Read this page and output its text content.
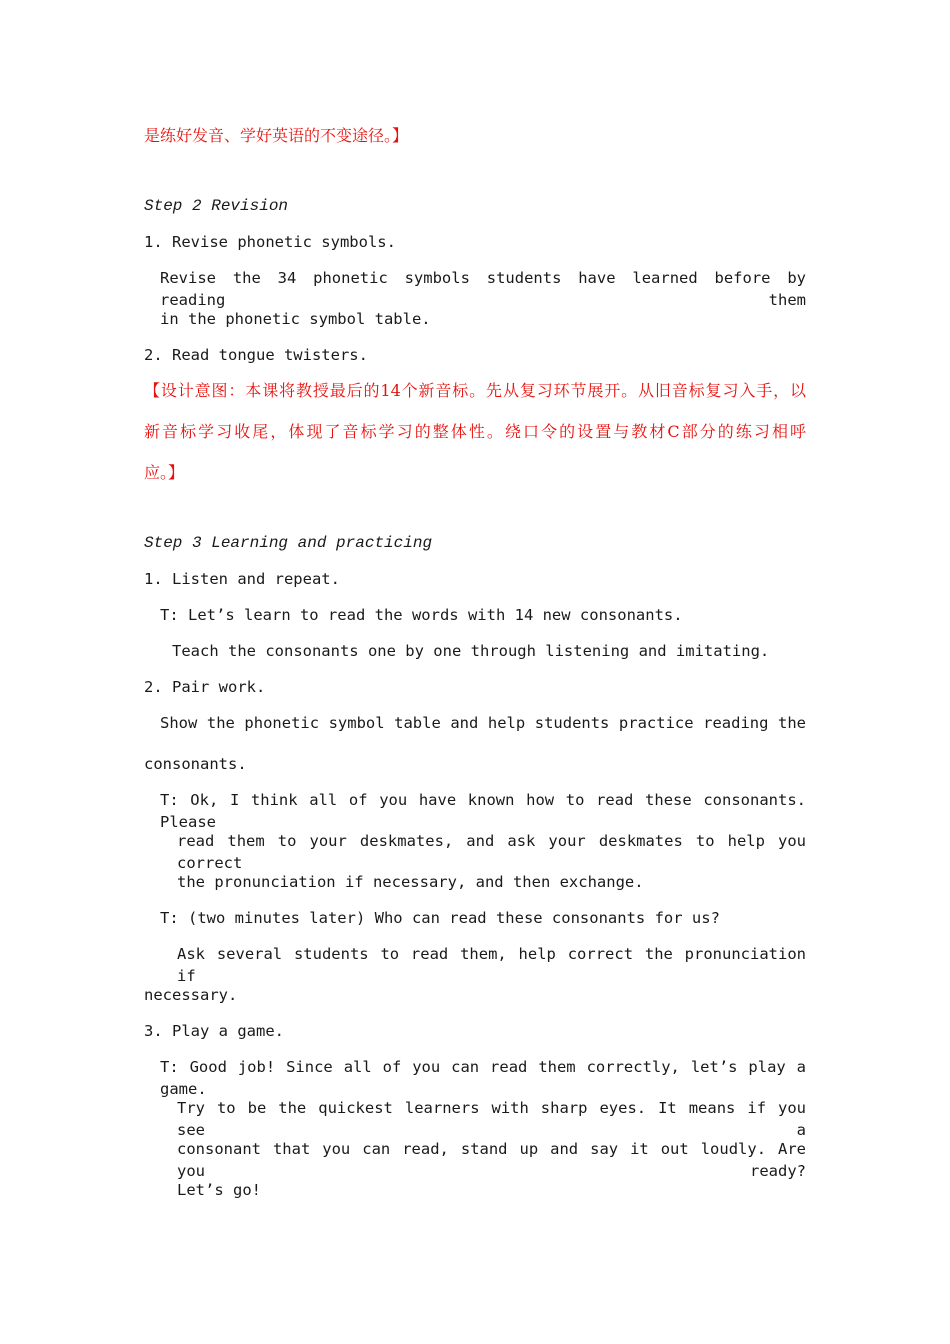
是练好发音、学好英语的不变途径。】
Step 2 Revision
1. Revise phonetic symbols.
Revise the 34 phonetic symbols students have learned before by reading them
in the phonetic symbol table.
2. Read tongue twisters.
【设计意图：本课将教授最后的14个新音标。先从复习环节展开。从旧音标复习入手，以
新音标学习收尾，体现了音标学习的整体性。绕口令的设置与教材C部分的练习相呼
应。】
Step 3 Learning and practicing
1. Listen and repeat.
T: Let’s learn to read the words with 14 new consonants.
Teach the consonants one by one through listening and imitating.
2. Pair work.
Show the phonetic symbol table and help students practice reading the
consonants.
T: Ok, I think all of you have known how to read these consonants. Please
read them to your deskmates, and ask your deskmates to help you correct
the pronunciation if necessary, and then exchange.
T: (two minutes later) Who can read these consonants for us?
Ask several students to read them, help correct the pronunciation if
necessary.
3. Play a game.
T: Good job! Since all of you can read them correctly, let’s play a game.
Try to be the quickest learners with sharp eyes. It means if you see a
consonant that you can read, stand up and say it out loudly. Are you ready?
Let’s go!
